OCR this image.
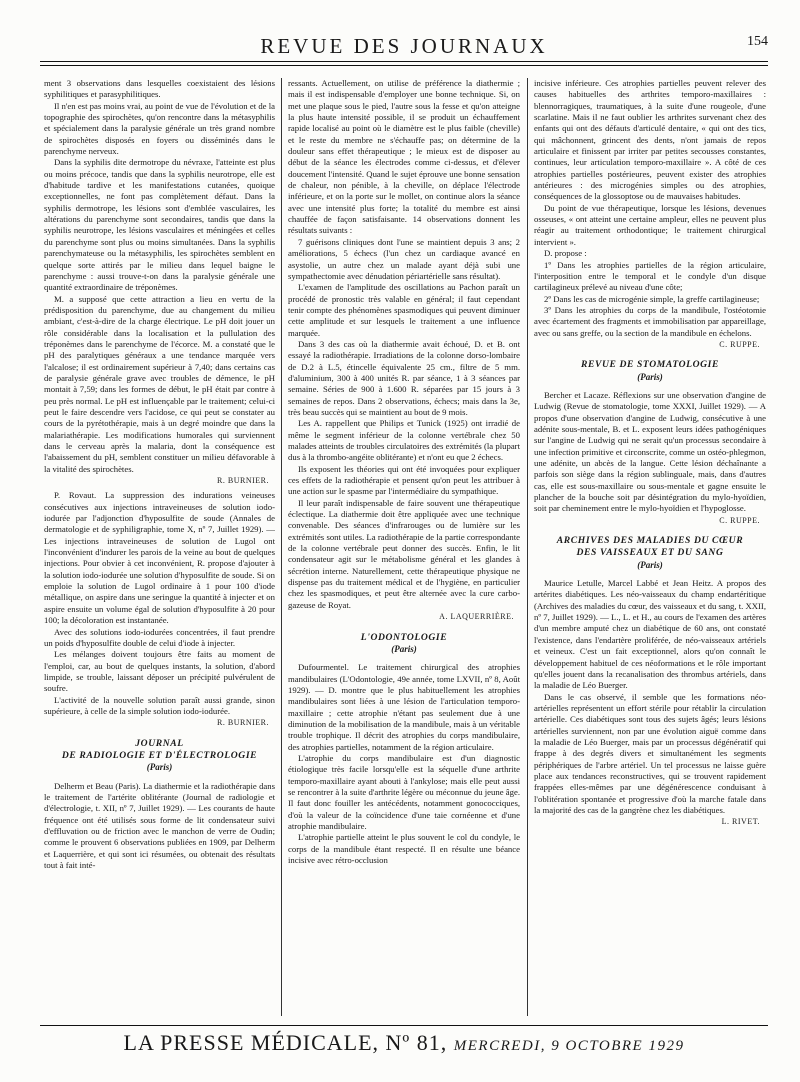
REVUE DES JOURNAUX	154

ment 3 observations dans lesquelles coexistaient des lésions syphilitiques et parasyphilitiques.

Il n'en est pas moins vrai, au point de vue de l'évolution et de la topographie des spirochètes, qu'on rencontre dans la métasyphilis et spécialement dans la paralysie générale un très grand nombre de spirochètes disposés en foyers ou disséminés dans le parenchyme nerveux.

Dans la syphilis dite dermotrope du névraxe, l'atteinte est plus ou moins précoce, tandis que dans la syphilis neurotrope, elle est d'habitude tardive et les manifestations cutanées, quoique exceptionnelles, ne font pas complètement défaut. Dans la syphilis dermotrope, les lésions sont d'emblée vasculaires, les altérations du parenchyme sont secondaires, tandis que dans la syphilis neurotrope, les lésions vasculaires et méningées et celles du parenchyme sont plus ou moins simultanées. Dans la syphilis parenchymateuse ou la métasyphilis, les spirochètes semblent en quelque sorte attirés par le milieu dans lequel baigne le parenchyme : aussi trouve-t-on dans la paralysie générale une quantité extraordinaire de tréponèmes.

M. a supposé que cette attraction a lieu en vertu de la prédisposition du parenchyme, due au changement du milieu ambiant, c'est-à-dire de la charge électrique. Le pH doit jouer un rôle considérable dans la localisation et la pullulation des tréponèmes dans le parenchyme de l'écorce. M. a constaté que le pH des paralytiques généraux a une tendance marquée vers l'alcalose; il est ordinairement supérieur à 7,40; dans certains cas de paralysie générale grave avec troubles de démence, le pH montait à 7,59; dans les formes de début, le pH était par contre à peu près normal. Le pH est influençable par le traitement; celui-ci peut le faire descendre vers l'acidose, ce qui peut se constater au cours de la pyrétothérapie, mais à un degré moindre que dans la malariathérapie. Les modifications humorales qui surviennent dans le cerveau après la malaria, dont la conséquence est l'abaissement du pH, semblent constituer un milieu défavorable à la vitalité des spirochètes.

R. BURNIER.

P. Rovaut. La suppression des indurations veineuses consécutives aux injections intraveineuses de solution iodo-iodurée par l'adjonction d'hyposulfite de soude (Annales de dermatologie et de syphiligraphie, tome X, nº 7, Juillet 1929). — Les injections intraveineuses de solution de Lugol ont l'inconvénient d'indurer les parois de la veine au bout de quelques injections. Pour obvier à cet inconvénient, R. propose d'ajouter à la solution iodo-iodurée une solution d'hyposulfite de soude. Si on emploie la solution de Lugol ordinaire à 1 pour 100 d'iode métallique, on aspire dans une seringue la quantité à injecter et on aspire ensuite un volume égal de solution d'hyposulfite à 20 pour 100; la décoloration est instantanée.

Avec des solutions iodo-iodurées concentrées, il faut prendre un poids d'hyposulfite double de celui d'iode à injecter.

Les mélanges doivent toujours être faits au moment de l'emploi, car, au bout de quelques instants, la solution, d'abord limpide, se trouble, laissant déposer un précipité pulvérulent de soufre.

L'activité de la nouvelle solution paraît aussi grande, sinon supérieure, à celle de la simple solution iodo-iodurée.

R. BURNIER.
JOURNAL
DE RADIOLOGIE ET D'ÉLECTROLOGIE
(Paris)

Delherm et Beau (Paris). La diathermie et la radiothérapie dans le traitement de l'artérite oblitérante (Journal de radiologie et d'électrologie, t. XII, nº 7, Juillet 1929). — Les courants de haute fréquence ont été utilisés sous forme de lit condensateur suivi d'effluvation ou de friction avec le manchon de verre de Oudin; comme le prouvent 6 observations publiées en 1909, par Delherm et Laquerrière, et qui sont ici résumées, ou obtenait des résultats tout à fait inté-

ressants. Actuellement, on utilise de préférence la diathermie ; mais il est indispensable d'employer une bonne technique. Si, on met une plaque sous le pied, l'autre sous la fesse et qu'on atteigne la plus haute intensité possible, il se produit un échauffement rapide localisé au point où le diamètre est le plus faible (cheville) et le reste du membre ne s'échauffe pas; on détermine de la douleur sans effet thérapeutique ; le mieux est de disposer au début de la séance les électrodes comme ci-dessus, et d'élever doucement l'intensité. Quand le sujet éprouve une bonne sensation de chaleur, non pénible, à la cheville, on déplace l'électrode inférieure, et on la porte sur le mollet, on continue alors la séance avec une intensité plus forte; la totalité du membre est ainsi chauffée de façon satisfaisante. 14 observations donnent les résultats suivants :

7 guérisons cliniques dont l'une se maintient depuis 3 ans; 2 améliorations, 5 échecs (l'un chez un cardiaque avancé en asystolie, un autre chez un malade ayant déjà subi une sympathectomie avec dénudation périartérielle sans résultat).

L'examen de l'amplitude des oscillations au Pachon paraît un procédé de pronostic très valable en général; il faut cependant tenir compte des phénomènes spasmodiques qui peuvent diminuer cette amplitude et sur lesquels le traitement a une influence marquée.

Dans 3 des cas où la diathermie avait échoué, D. et B. ont essayé la radiothérapie. Irradiations de la colonne dorso-lombaire de D.2 à L.5, étincelle équivalente 25 cm., filtre de 5 mm. d'aluminium, 300 à 400 unités R. par séance, 1 à 3 séances par semaine. Séries de 900 à 1.600 R. séparées par 15 jours à 3 semaines de repos. Dans 2 observations, échecs; mais dans la 3e, très beau succès qui se maintient au bout de 9 mois.

Les A. rappellent que Philips et Tunick (1925) ont irradié de même le segment inférieur de la colonne vertébrale chez 50 malades atteints de troubles circulatoires des extrémités (la plupart dus à la thrombo-angéite oblitérante) et n'ont eu que 2 échecs.

Ils exposent les théories qui ont été invoquées pour expliquer ces effets de la radiothérapie et pensent qu'on peut les attribuer à une action sur le spasme par l'intermédiaire du sympathique.

Il leur paraît indispensable de faire souvent une thérapeutique éclectique. La diathermie doit être appliquée avec une technique convenable. Des séances d'infrarouges ou de lumière sur les extrémités sont utiles. La radiothérapie de la partie correspondante de la colonne vertébrale peut donner des succès. Enfin, le lit condensateur agit sur le métabolisme général et les glandes à sécrétion interne. Naturellement, cette thérapeutique physique ne dispense pas du traitement médical et de l'hygiène, en particulier chez les spasmodiques, et peut être alternée avec la cure carbo-gazeuse de Royat.

A. LAQUERRIÈRE.
L'ODONTOLOGIE
(Paris)

Dufourmentel. Le traitement chirurgical des atrophies mandibulaires (L'Odontologie, 49e année, tome LXVII, nº 8, Août 1929). — D. montre que le plus habituellement les atrophies mandibulaires sont liées à une lésion de l'articulation temporo-maxillaire ; cette atrophie n'étant pas seulement due à une diminution de la mobilisation de la mandibule, mais à un véritable trouble trophique. Il décrit des atrophies du corps mandibulaire, des atrophies partielles, notamment de la région articulaire.

L'atrophie du corps mandibulaire est d'un diagnostic étiologique très facile lorsqu'elle est la séquelle d'une arthrite temporo-maxillaire ayant abouti à l'ankylose; mais elle peut aussi se rencontrer à la suite d'arthrite légère ou méconnue du jeune âge. Il faut donc fouiller les antécédents, notamment gonococciques, d'où la valeur de la coïncidence d'une taie cornéenne et d'une atrophie mandibulaire.

L'atrophie partielle atteint le plus souvent le col du condyle, le corps de la mandibule étant respecté. Il en résulte une béance incisive avec rétro-occlusion

incisive inférieure. Ces atrophies partielles peuvent relever des causes habituelles des arthrites temporo-maxillaires : blennorragiques, traumatiques, à la suite d'une rougeole, d'une scarlatine. Mais il ne faut oublier les arthrites survenant chez des enfants qui ont des défauts d'articulé dentaire, « qui ont des tics, qui mâchonnent, grincent des dents, n'ont jamais de repos articulaire et finissent par irriter par petites secousses constantes, continues, leur articulation temporo-maxillaire ». A côté de ces atrophies partielles postérieures, peuvent exister des atrophies antérieures : des microgénies simples ou des atrophies, conséquences de la glossoptose ou de mauvaises habitudes.

Du point de vue thérapeutique, lorsque les lésions, devenues osseuses, « ont atteint une certaine ampleur, elles ne peuvent plus réagir au traitement orthodontique; le traitement chirurgical intervient ».

D. propose :

1º Dans les atrophies partielles de la région articulaire, l'interposition entre le temporal et le condyle d'un disque cartilagineux prélevé au niveau d'une côte;

2º Dans les cas de microgénie simple, la greffe cartilagineuse;

3º Dans les atrophies du corps de la mandibule, l'ostéotomie avec écartement des fragments et immobilisation par appareillage, avec ou sans greffe, ou la section de la mandibule en échelons.

C. RUPPE.
REVUE DE STOMATOLOGIE
(Paris)

Bercher et Lacaze. Réflexions sur une observation d'angine de Ludwig (Revue de stomatologie, tome XXXI, Juillet 1929). — A propos d'une observation d'angine de Ludwig, consécutive à une adénite sous-mentale, B. et L. exposent leurs idées pathogéniques sur l'angine de Ludwig qui ne serait qu'un processus secondaire à une infection primitive et circonscrite, comme un ostéo-phlegmon, une adénite, un abcès de la langue. Cette lésion déchaînante a parfois son siège dans la région sublinguale, mais, dans d'autres cas, elle est sous-maxillaire ou sous-mentale et gagne ensuite le plancher de la bouche soit par désintégration du mylo-hyoïdien, soit par cheminement entre le mylo-hyoïdien et l'hypoglosse.

C. RUPPE.
ARCHIVES DES MALADIES DU CŒUR
DES VAISSEAUX ET DU SANG
(Paris)

Maurice Letulle, Marcel Labbé et Jean Heitz. A propos des artérites diabétiques. Les néo-vaisseaux du champ endartéritique (Archives des maladies du cœur, des vaisseaux et du sang, t. XXII, nº 7, Juillet 1929). — L., L. et H., au cours de l'examen des artères d'un membre amputé chez un diabétique de 60 ans, ont constaté l'existence, dans l'endartère proliférée, de néo-vaisseaux artériels et veineux. C'est un fait exceptionnel, alors qu'on connaît le développement habituel de ces néoformations et le rôle important qu'elles jouent dans la recanalisation des thrombus artériels, dans la maladie de Léo Buerger.

Dans le cas observé, il semble que les formations néo-artérielles représentent un effort stérile pour rétablir la circulation artérielle. Ces diabétiques sont tous des sujets âgés; leurs lésions artérielles surviennent, non par une évolution aiguë comme dans la maladie de Léo Buerger, mais par un processus dégénératif qui frappe à des degrés divers et simultanément les segments périphériques de l'arbre artériel. Un tel processus ne laisse guère place aux tendances reconstructives, qui se trouvent rapidement frappées elles-mêmes par une dégénérescence conduisant à l'oblitération spontanée et progressive d'où la marche fatale dans la majorité des cas de la gangrène chez les diabétiques.

L. RIVET.
LA PRESSE MÉDICALE, Nº 81, MERCREDI, 9 OCTOBRE 1929
